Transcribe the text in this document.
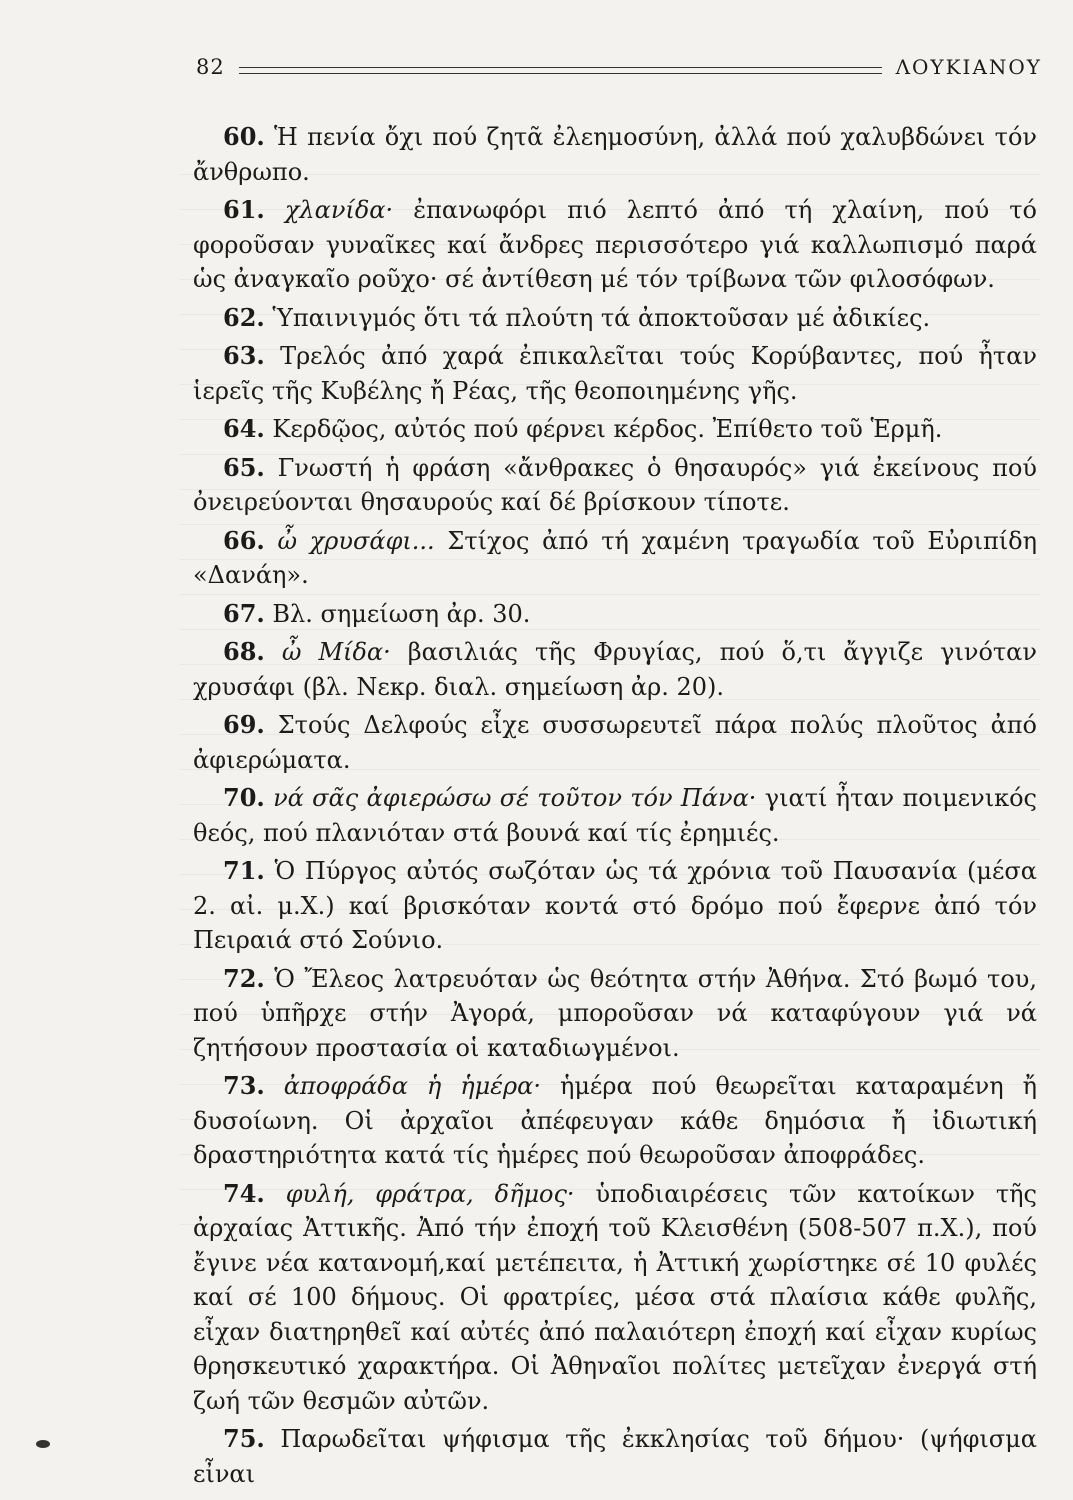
82	ΛΟΥΚΙΑΝΟΥ

60. Ἡ πενία ὄχι πού ζητᾶ ἐλεημοσύνη, ἀλλά πού χαλυβδώνει τόν ἄνθρωπο.

61. χλανίδα· ἐπανωφόρι πιό λεπτό ἀπό τή χλαίνη, πού τό φοροῦσαν γυναῖκες καί ἄνδρες περισσότερο γιά καλλωπισμό παρά ὡς ἀναγκαῖο ροῦχο· σέ ἀντίθεση μέ τόν τρίβωνα τῶν φιλοσόφων.

62. Ὑπαινιγμός ὅτι τά πλούτη τά ἀποκτοῦσαν μέ ἀδικίες.

63. Τρελός ἀπό χαρά ἐπικαλεῖται τούς Κορύβαντες, πού ἦταν ἱερεῖς τῆς Κυβέλης ἤ Ρέας, τῆς θεοποιημένης γῆς.

64. Κερδῷος, αὐτός πού φέρνει κέρδος. Ἐπίθετο τοῦ Ἑρμῆ.

65. Γνωστή ἡ φράση «ἄνθρακες ὁ θησαυρός» γιά ἐκείνους πού ὀνειρεύονται θησαυρούς καί δέ βρίσκουν τίποτε.

66. ὦ χρυσάφι... Στίχος ἀπό τή χαμένη τραγωδία τοῦ Εὐριπίδη «Δανάη».

67. Βλ. σημείωση ἀρ. 30.

68. ὦ Μίδα· βασιλιάς τῆς Φρυγίας, πού ὅ,τι ἄγγιζε γινόταν χρυσάφι (βλ. Νεκρ. διαλ. σημείωση ἀρ. 20).

69. Στούς Δελφούς εἶχε συσσωρευτεῖ πάρα πολύς πλοῦτος ἀπό ἀφιερώματα.

70. νά σᾶς ἀφιερώσω σέ τοῦτον τόν Πάνα· γιατί ἦταν ποιμενικός θεός, πού πλανιόταν στά βουνά καί τίς ἐρημιές.

71. Ὁ Πύργος αὐτός σωζόταν ὡς τά χρόνια τοῦ Παυσανία (μέσα 2. αἰ. μ.Χ.) καί βρισκόταν κοντά στό δρόμο πού ἔφερνε ἀπό τόν Πειραιά στό Σούνιο.

72. Ὁ Ἔλεος λατρευόταν ὡς θεότητα στήν Ἀθήνα. Στό βωμό του, πού ὑπῆρχε στήν Ἀγορά, μποροῦσαν νά καταφύγουν γιά νά ζητήσουν προστασία οἱ καταδιωγμένοι.

73. ἀποφράδα ἡ ἡμέρα· ἡμέρα πού θεωρεῖται καταραμένη ἤ δυσοίωνη. Οἱ ἀρχαῖοι ἀπέφευγαν κάθε δημόσια ἤ ἰδιωτική δραστηριότητα κατά τίς ἡμέρες πού θεωροῦσαν ἀποφράδες.

74. φυλή, φράτρα, δῆμος· ὑποδιαιρέσεις τῶν κατοίκων τῆς ἀρχαίας Ἀττικῆς. Ἀπό τήν ἐποχή τοῦ Κλεισθένη (508-507 π.Χ.), πού ἔγινε νέα κατανομή,καί μετέπειτα, ἡ Ἀττική χωρίστηκε σέ 10 φυλές καί σέ 100 δήμους. Οἱ φρατρίες, μέσα στά πλαίσια κάθε φυλῆς, εἶχαν διατηρηθεῖ καί αὐτές ἀπό παλαιότερη ἐποχή καί εἶχαν κυρίως θρησκευτικό χαρακτήρα. Οἱ Ἀθηναῖοι πολίτες μετεῖχαν ἐνεργά στή ζωή τῶν θεσμῶν αὐτῶν.

75. Παρωδεῖται ψήφισμα τῆς ἐκκλησίας τοῦ δήμου· (ψήφισμα εἶναι
